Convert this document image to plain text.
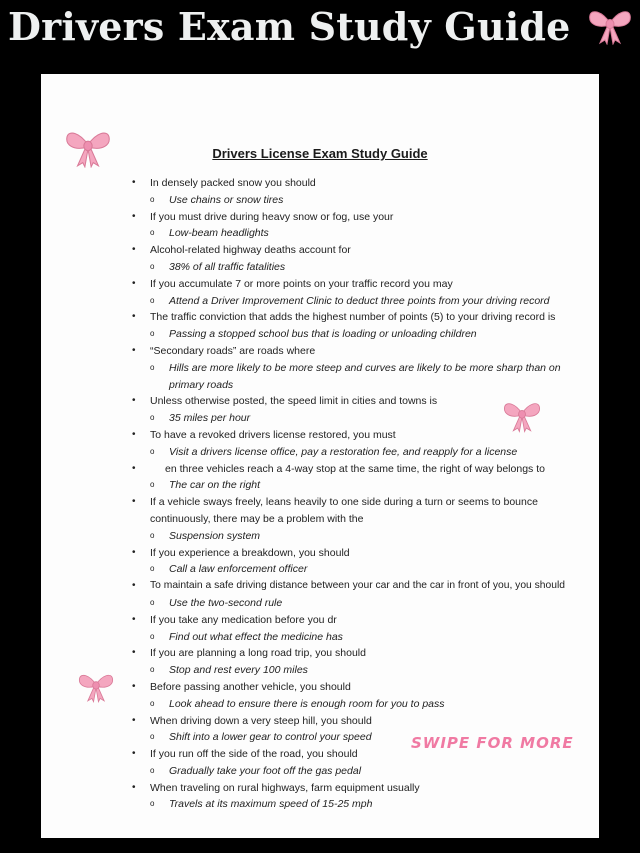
Drivers Exam Study Guide
Drivers License Exam Study Guide
• In densely packed snow you should
o Use chains or snow tires
• If you must drive during heavy snow or fog, use your
o Low-beam headlights
• Alcohol-related highway deaths account for
o 38% of all traffic fatalities
• If you accumulate 7 or more points on your traffic record you may
o Attend a Driver Improvement Clinic to deduct three points from your driving record
• The traffic conviction that adds the highest number of points (5) to your driving record is
o Passing a stopped school bus that is loading or unloading children
• “Secondary roads” are roads where
o Hills are more likely to be more steep and curves are likely to be more sharp than on primary roads
• Unless otherwise posted, the speed limit in cities and towns is
o 35 miles per hour
• To have a revoked drivers license restored, you must
o Visit a drivers license office, pay a restoration fee, and reapply for a license
• en three vehicles reach a 4-way stop at the same time, the right of way belongs to
o The car on the right
• If a vehicle sways freely, leans heavily to one side during a turn or seems to bounce continuously, there may be a problem with the
o Suspension system
• If you experience a breakdown, you should
o Call a law enforcement officer
• To maintain a safe driving distance between your car and the car in front of you, you should
o Use the two-second rule
• If you take any medication before you dr
o Find out what effect the medicine has
• If you are planning a long road trip, you should
o Stop and rest every 100 miles
• Before passing another vehicle, you should
o Look ahead to ensure there is enough room for you to pass
• When driving down a very steep hill, you should
o Shift into a lower gear to control your speed
• If you run off the side of the road, you should
o Gradually take your foot off the gas pedal
• When traveling on rural highways, farm equipment usually
o Travels at its maximum speed of 15-25 mph
SWIPE FOR MORE
